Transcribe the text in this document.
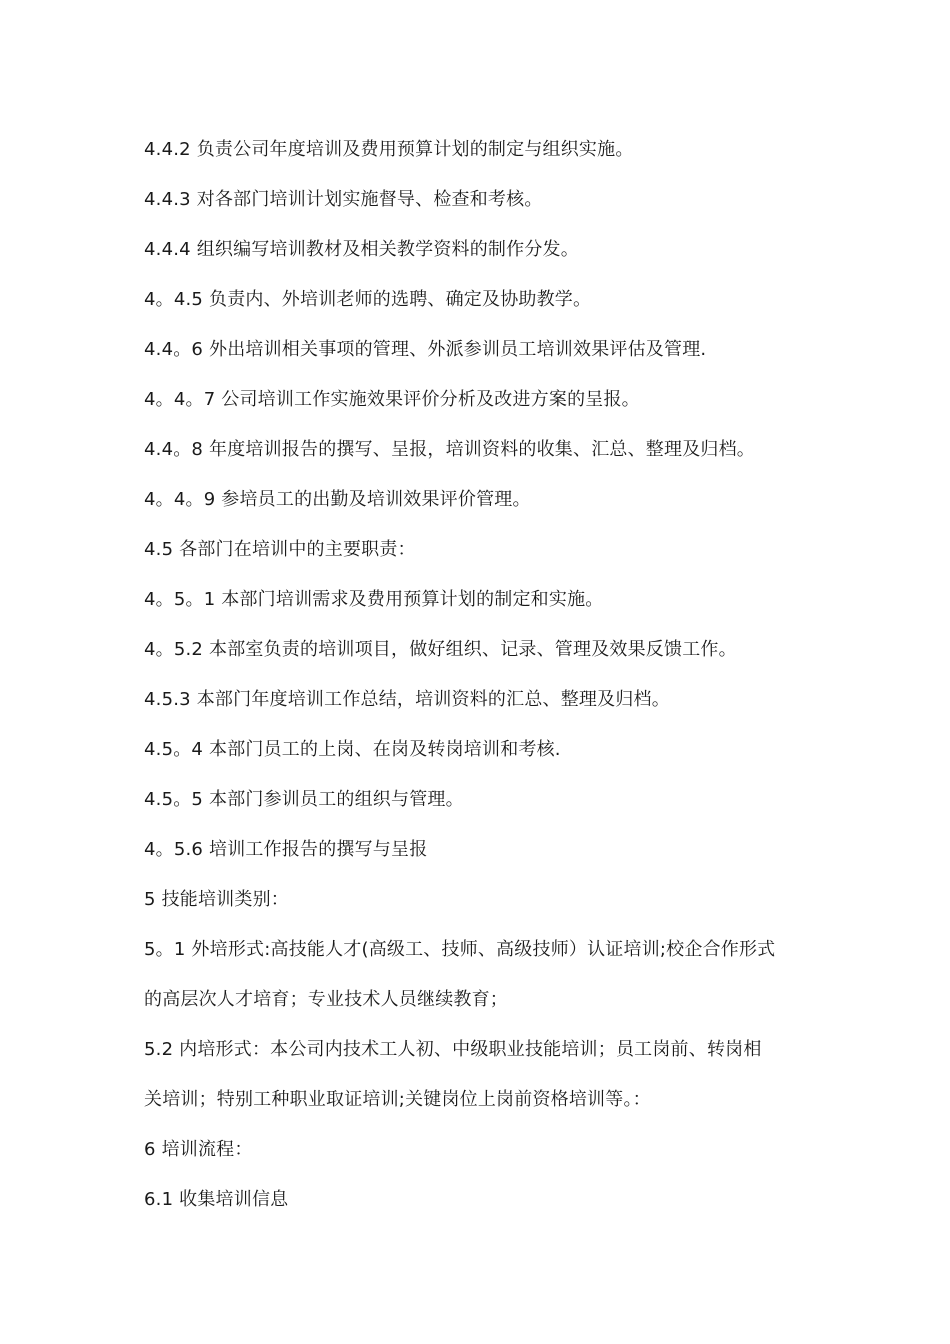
4.4.2 负责公司年度培训及费用预算计划的制定与组织实施。
4.4.3 对各部门培训计划实施督导、检查和考核。
4.4.4 组织编写培训教材及相关教学资料的制作分发。
4。4.5 负责内、外培训老师的选聘、确定及协助教学。
4.4。6 外出培训相关事项的管理、外派参训员工培训效果评估及管理.
4。4。7 公司培训工作实施效果评价分析及改进方案的呈报。
4.4。8 年度培训报告的撰写、呈报，培训资料的收集、汇总、整理及归档。
4。4。9 参培员工的出勤及培训效果评价管理。
4.5 各部门在培训中的主要职责：
4。5。1 本部门培训需求及费用预算计划的制定和实施。
4。5.2 本部室负责的培训项目，做好组织、记录、管理及效果反馈工作。
4.5.3 本部门年度培训工作总结，培训资料的汇总、整理及归档。
4.5。4 本部门员工的上岗、在岗及转岗培训和考核.
4.5。5 本部门参训员工的组织与管理。
4。5.6 培训工作报告的撰写与呈报
5 技能培训类别：
5。1 外培形式:高技能人才(高级工、技师、高级技师）认证培训;校企合作形式
的高层次人才培育；专业技术人员继续教育；
5.2 内培形式：本公司内技术工人初、中级职业技能培训；员工岗前、转岗相
关培训；特别工种职业取证培训;关键岗位上岗前资格培训等。：
6 培训流程：
6.1 收集培训信息
